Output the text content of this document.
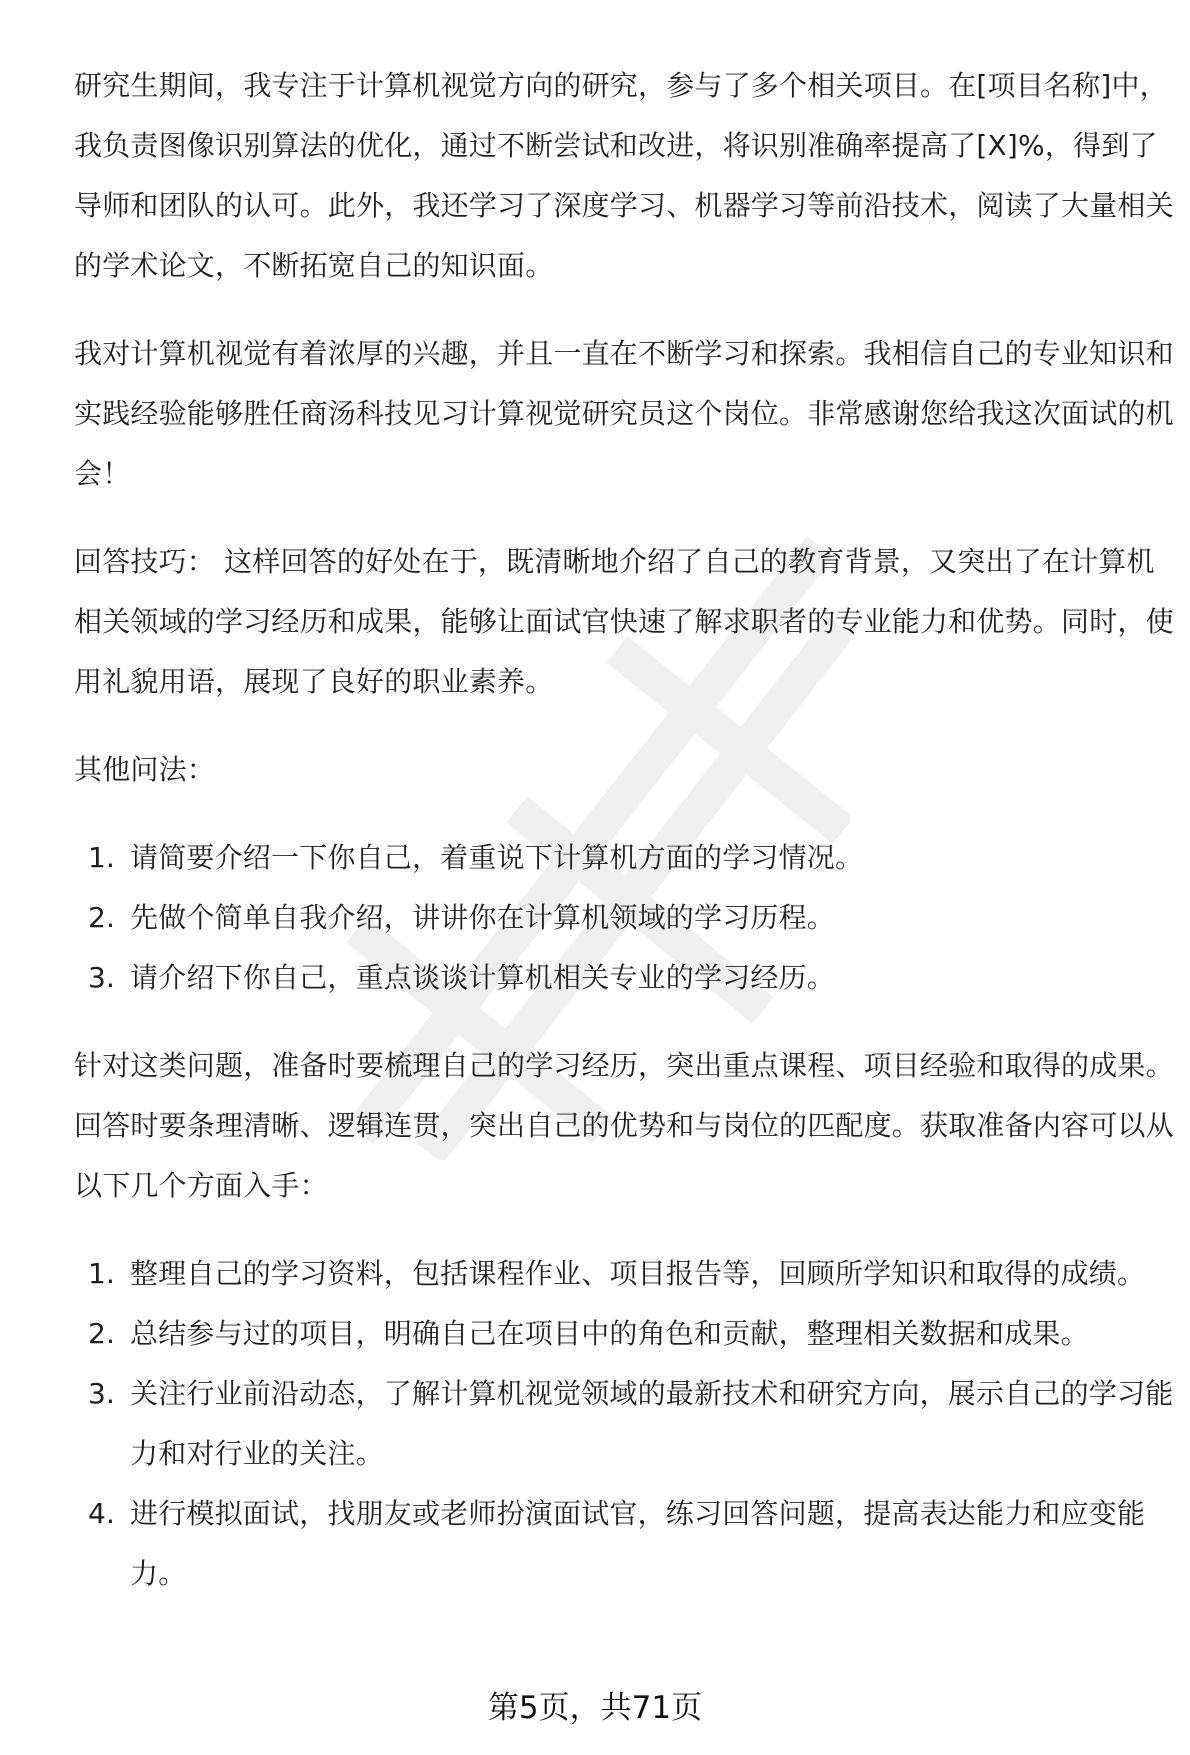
研究生期间，我专注于计算机视觉方向的研究，参与了多个相关项目。在[项目名称]中，我负责图像识别算法的优化，通过不断尝试和改进，将识别准确率提高了[X]%，得到了导师和团队的认可。此外，我还学习了深度学习、机器学习等前沿技术，阅读了大量相关的学术论文，不断拓宽自己的知识面。

我对计算机视觉有着浓厚的兴趣，并且一直在不断学习和探索。我相信自己的专业知识和实践经验能够胜任商汤科技见习计算视觉研究员这个岗位。非常感谢您给我这次面试的机会！

回答技巧： 这样回答的好处在于，既清晰地介绍了自己的教育背景，又突出了在计算机相关领域的学习经历和成果，能够让面试官快速了解求职者的专业能力和优势。同时，使用礼貌用语，展现了良好的职业素养。

其他问法：

1. 请简要介绍一下你自己，着重说下计算机方面的学习情况。
2. 先做个简单自我介绍，讲讲你在计算机领域的学习历程。
3. 请介绍下你自己，重点谈谈计算机相关专业的学习经历。

针对这类问题，准备时要梳理自己的学习经历，突出重点课程、项目经验和取得的成果。回答时要条理清晰、逻辑连贯，突出自己的优势和与岗位的匹配度。获取准备内容可以从以下几个方面入手：

1. 整理自己的学习资料，包括课程作业、项目报告等，回顾所学知识和取得的成绩。
2. 总结参与过的项目，明确自己在项目中的角色和贡献，整理相关数据和成果。
3. 关注行业前沿动态，了解计算机视觉领域的最新技术和研究方向，展示自己的学习能力和对行业的关注。
4. 进行模拟面试，找朋友或老师扮演面试官，练习回答问题，提高表达能力和应变能力。
第5页，共71页
